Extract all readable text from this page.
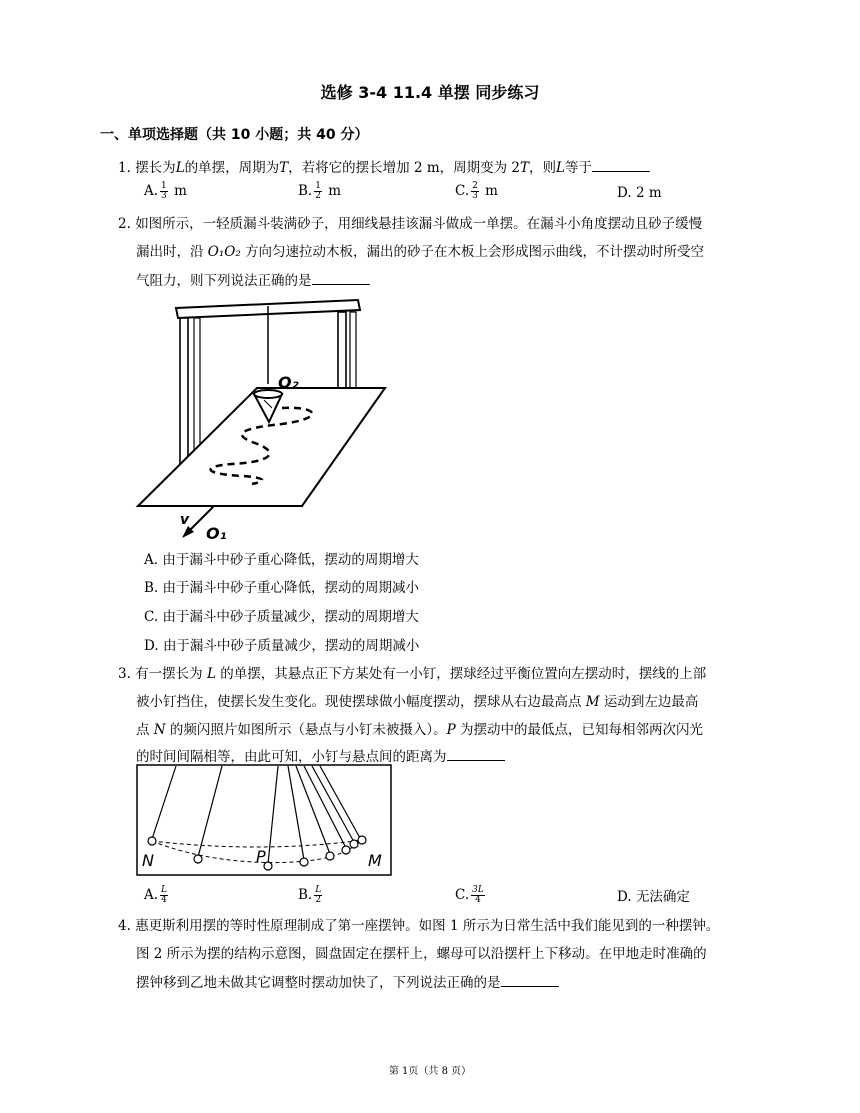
选修 3-4 11.4 单摆 同步练习
一、单项选择题（共 10 小题；共 40 分）
1. 摆长为L的单摆，周期为T，若将它的摆长增加 2 m，周期变为 2T，则L等于
A. $\frac{1}{3}$ m	B. $\frac{1}{2}$ m	C. $\frac{2}{3}$ m	D. 2 m
2. 如图所示，一轻质漏斗装满砂子，用细线悬挂该漏斗做成一单摆。在漏斗小角度摆动且砂子缓慢
漏出时，沿 O₁O₂ 方向匀速拉动木板，漏出的砂子在木板上会形成图示曲线，不计摆动时所受空
气阻力，则下列说法正确的是
O₂
v
O₁
A. 由于漏斗中砂子重心降低，摆动的周期增大
B. 由于漏斗中砂子重心降低，摆动的周期减小
C. 由于漏斗中砂子质量减少，摆动的周期增大
D. 由于漏斗中砂子质量减少，摆动的周期减小
3. 有一摆长为 L 的单摆，其悬点正下方某处有一小钉，摆球经过平衡位置向左摆动时，摆线的上部
被小钉挡住，使摆长发生变化。现使摆球做小幅度摆动，摆球从右边最高点 M 运动到左边最高
点 N 的频闪照片如图所示（悬点与小钉未被摄入）。P 为摆动中的最低点，已知每相邻两次闪光
的时间间隔相等，由此可知，小钉与悬点间的距离为
N	P	M
A. $\frac{L}{4}$	B. $\frac{L}{2}$	C. $\frac{3L}{4}$	D. 无法确定
4. 惠更斯利用摆的等时性原理制成了第一座摆钟。如图 1 所示为日常生活中我们能见到的一种摆钟。
图 2 所示为摆的结构示意图，圆盘固定在摆杆上，螺母可以沿摆杆上下移动。在甲地走时准确的
摆钟移到乙地未做其它调整时摆动加快了，下列说法正确的是
第 1页（共 8 页）
